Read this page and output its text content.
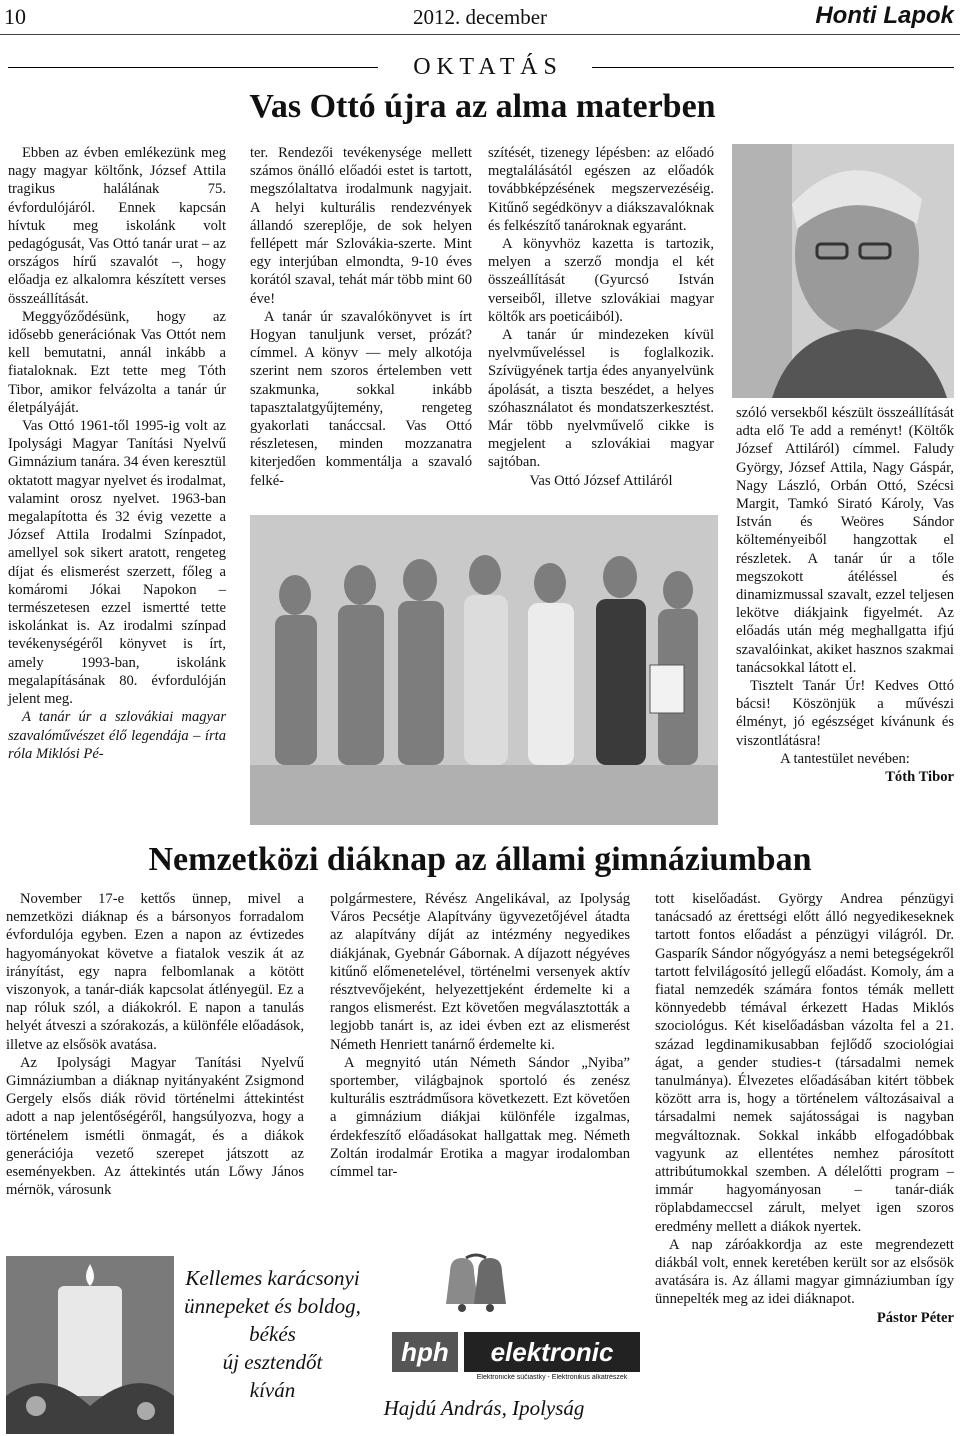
10	2012. december	Honti Lapok
O K T A T Á S
Vas Ottó újra az alma materben

Ebben az évben emlékezünk meg nagy magyar költőnk, József Attila tragikus halálának 75. évfordulójáról. Ennek kapcsán hívtuk meg iskolánk volt pedagógusát, Vas Ottó tanár urat – az országos hírű szavalót –, hogy előadja ez alkalomra készített verses összeállítását.

Meggyőződésünk, hogy az idősebb generációnak Vas Ottót nem kell bemutatni, annál inkább a fiataloknak. Ezt tette meg Tóth Tibor, amikor felvázolta a tanár úr életpályáját.

Vas Ottó 1961-től 1995-ig volt az Ipolysági Magyar Tanítási Nyelvű Gimnázium tanára. 34 éven keresztül oktatott magyar nyelvet és irodalmat, valamint orosz nyelvet. 1963-ban megalapította és 32 évig vezette a József Attila Irodalmi Színpadot, amellyel sok sikert aratott, rengeteg díjat és elismerést szerzett, főleg a komáromi Jókai Napokon – természetesen ezzel ismertté tette iskolánkat is. Az irodalmi színpad tevékenységéről könyvet is írt, amely 1993-ban, iskolánk megalapításának 80. évfordulóján jelent meg.

A tanár úr a szlovákiai magyar szavalóművészet élő legendája – írta róla Miklósi Pé-

ter. Rendezői tevékenysége mellett számos önálló előadói estet is tartott, megszólaltatva irodalmunk nagyjait. A helyi kulturális rendezvények állandó szereplője, de sok helyen fellépett már Szlovákia-szerte. Mint egy interjúban elmondta, 9-10 éves korától szaval, tehát már több mint 60 éve!

A tanár úr szavalókönyvet is írt Hogyan tanuljunk verset, prózát? címmel. A könyv — mely alkotója szerint nem szoros értelemben vett szakmunka, sokkal inkább tapasztalatgyűjtemény, rengeteg gyakorlati tanáccsal. Vas Ottó részletesen, minden mozzanatra kiterjedően kommentálja a szavaló felké-

szítését, tizenegy lépésben: az előadó megtalálásától egészen az előadók továbbképzésének megszervezéséig. Kitűnő segédkönyv a diákszavalóknak és felkészítő tanároknak egyaránt.

A könyvhöz kazetta is tartozik, melyen a szerző mondja el két összeállítását (Gyurcsó István verseiből, illetve szlovákiai magyar költők ars poeticáiból).

A tanár úr mindezeken kívül nyelvműveléssel is foglalkozik. Szívügyének tartja édes anyanyelvünk ápolását, a tiszta beszédet, a helyes szóhasználatot és mondatszerkesztést. Már több nyelvművelő cikke is megjelent a szlovákiai magyar sajtóban.

Vas Ottó József Attiláról

szóló versekből készült összeállítását adta elő Te add a reményt! (Költők József Attiláról) címmel. Faludy György, József Attila, Nagy Gáspár, Nagy László, Orbán Ottó, Szécsi Margit, Tamkó Sirató Károly, Vas István és Weöres Sándor költeményeiből hangzottak el részletek. A tanár úr a tőle megszokott átéléssel és dinamizmussal szavalt, ezzel teljesen lekötve diákjaink figyelmét. Az előadás után még meghallgatta ifjú szavalóinkat, akiket hasznos szakmai tanácsokkal látott el.

Tisztelt Tanár Úr! Kedves Ottó bácsi! Köszönjük a művészi élményt, jó egészséget kívánunk és viszontlátásra!

A tantestület nevében:

Tóth Tibor

Nemzetközi diáknap az állami gimnáziumban

November 17-e kettős ünnep, mivel a nemzetközi diáknap és a bársonyos forradalom évfordulója egyben. Ezen a napon az évtizedes hagyományokat követve a fiatalok veszik át az irányítást, egy napra felbomlanak a kötött viszonyok, a tanár-diák kapcsolat átlényegül. Ez a nap róluk szól, a diákokról. E napon a tanulás helyét átveszi a szórakozás, a különféle előadások, illetve az elsősök avatása.

Az Ipolysági Magyar Tanítási Nyelvű Gimnáziumban a diáknap nyitányaként Zsigmond Gergely elsős diák rövid történelmi áttekintést adott a nap jelentőségéről, hangsúlyozva, hogy a történelem ismétli önmagát, és a diákok generációja vezető szerepet játszott az eseményekben. Az áttekintés után Lőwy János mérnök, városunk

polgármestere, Révész Angelikával, az Ipolyság Város Pecsétje Alapítvány ügyvezetőjével átadta az alapítvány díját az intézmény negyedikes diákjának, Gyebnár Gábornak. A díjazott négyéves kitűnő előmenetelével, történelmi versenyek aktív résztvevőjeként, helyezettjeként érdemelte ki a rangos elismerést. Ezt követően megválasztották a legjobb tanárt is, az idei évben ezt az elismerést Németh Henriett tanárnő érdemelte ki.

A megnyitó után Németh Sándor „Nyiba” sportember, világbajnok sportoló és zenész kulturális esztrádműsora következett. Ezt követően a gimnázium diákjai különféle izgalmas, érdekfeszítő előadásokat hallgattak meg. Németh Zoltán irodalmár Erotika a magyar irodalomban címmel tar-

tott kiselőadást. György Andrea pénzügyi tanácsadó az érettségi előtt álló negyedikeseknek tartott fontos előadást a pénzügyi világról. Dr. Gasparík Sándor nőgyógyász a nemi betegségekről tartott felvilágosító jellegű előadást. Komoly, ám a fiatal nemzedék számára fontos témák mellett könnyedebb témával érkezett Hadas Miklós szociológus. Két kiselőadásban vázolta fel a 21. század legdinamikusabban fejlődő szociológiai ágat, a gender studies-t (társadalmi nemek tanulmánya). Élvezetes előadásában kitért többek között arra is, hogy a történelem változásaival a társadalmi nemek sajátosságai is nagyban megváltoznak. Sokkal inkább elfogadóbbak vagyunk az ellentétes nemhez párosított attribútumokkal szemben. A délelőtti program – immár hagyományosan – tanár-diák röplabdameccsel zárult, melyet igen szoros eredmény mellett a diákok nyertek.

A nap záróakkordja az este megrendezett diákbál volt, ennek keretében került sor az elsősök avatására is. Az állami magyar gimnáziumban így ünnepelték meg az idei diáknapot.

Pástor Péter

Kellemes karácsonyi
ünnepeket és boldog,
békés
új esztendőt
kíván
hph	elektronic
Elektronické súčiastky - Elektronikus alkatrészek
Hajdú András, Ipolyság
